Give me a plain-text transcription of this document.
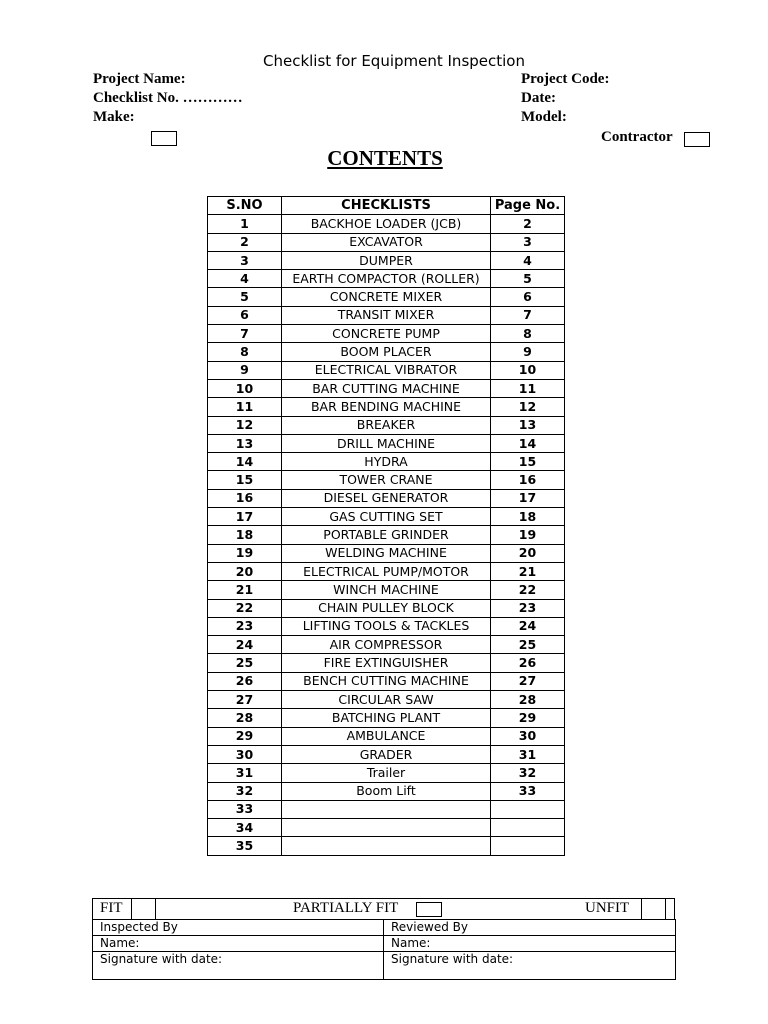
Checklist for Equipment Inspection
Project Name:	Project Code:
Checklist No. …………	Date:
Make:	Model:
Contractor
CONTENTS
S.NO	CHECKLISTS	Page No.
1	BACKHOE LOADER (JCB)	2
2	EXCAVATOR	3
3	DUMPER	4
4	EARTH COMPACTOR (ROLLER)	5
5	CONCRETE MIXER	6
6	TRANSIT MIXER	7
7	CONCRETE PUMP	8
8	BOOM PLACER	9
9	ELECTRICAL VIBRATOR	10
10	BAR CUTTING MACHINE	11
11	BAR BENDING MACHINE	12
12	BREAKER	13
13	DRILL MACHINE	14
14	HYDRA	15
15	TOWER CRANE	16
16	DIESEL GENERATOR	17
17	GAS CUTTING SET	18
18	PORTABLE GRINDER	19
19	WELDING MACHINE	20
20	ELECTRICAL PUMP/MOTOR	21
21	WINCH MACHINE	22
22	CHAIN PULLEY BLOCK	23
23	LIFTING TOOLS & TACKLES	24
24	AIR COMPRESSOR	25
25	FIRE EXTINGUISHER	26
26	BENCH CUTTING MACHINE	27
27	CIRCULAR SAW	28
28	BATCHING PLANT	29
29	AMBULANCE	30
30	GRADER	31
31	Trailer	32
32	Boom Lift	33
33		
34		
35		
FIT	PARTIALLY FIT	UNFIT
Inspected By	Reviewed By
Name:	Name:
Signature with date:	Signature with date:
